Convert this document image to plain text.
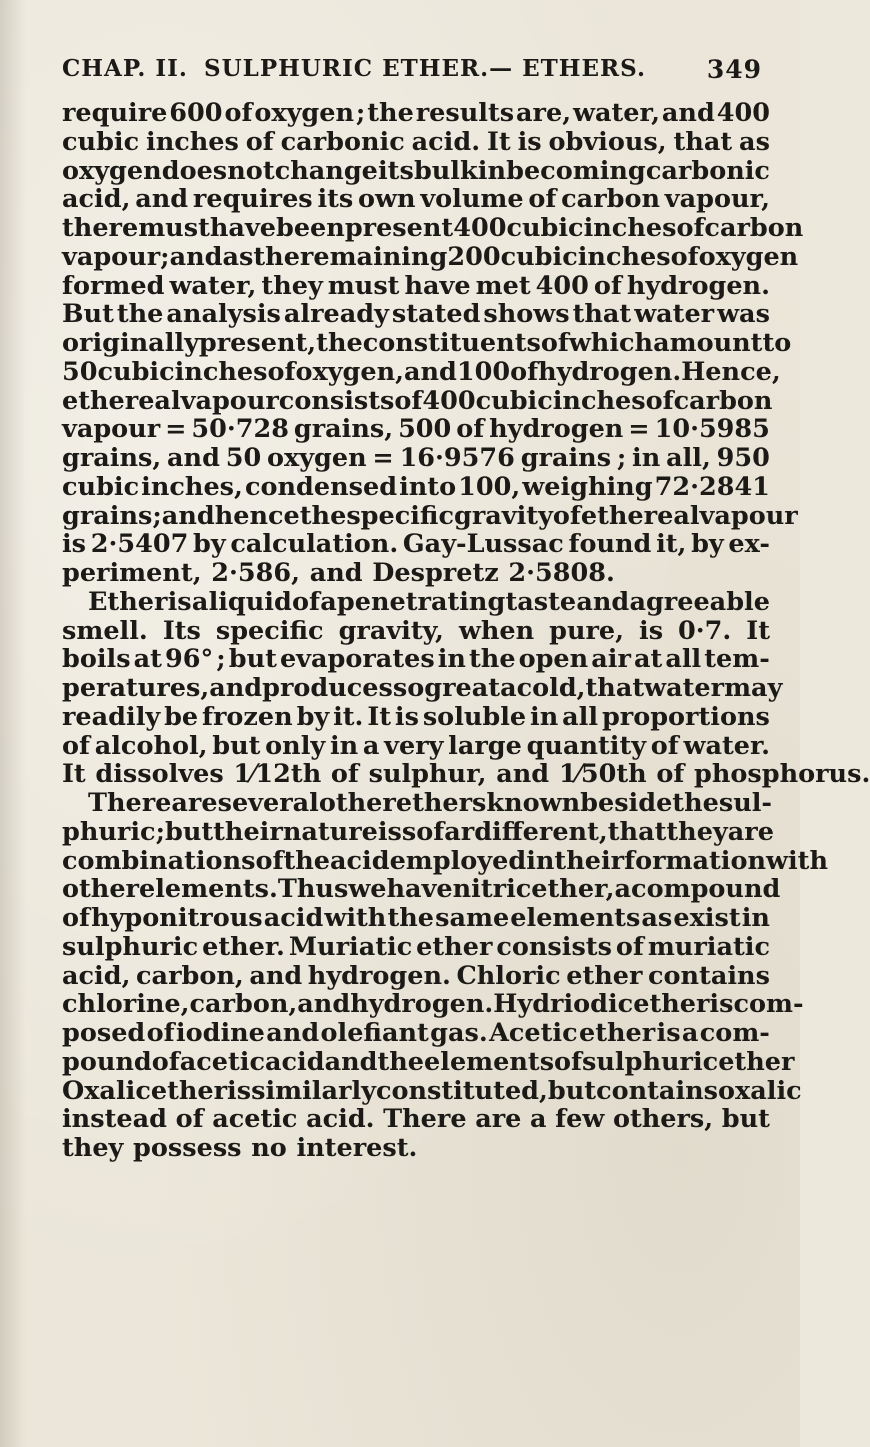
CHAP. II. SULPHURIC ETHER.— ETHERS. 349
require 600 of oxygen ; the results are, water, and 400
cubic inches of carbonic acid. It is obvious, that as
oxygen does not change its bulk in becoming carbonic
acid, and requires its own volume of carbon vapour,
there must have been present 400 cubic inches of carbon
vapour ; and as the remaining 200 cubic inches of oxygen
formed water, they must have met 400 of hydrogen.
But the analysis already stated shows that water was
originally present, the constituents of which amount to
50 cubic inches of oxygen, and 100 of hydrogen. Hence,
ethereal vapour consists of 400 cubic inches of carbon
vapour = 50·728 grains, 500 of hydrogen = 10·5985
grains, and 50 oxygen = 16·9576 grains ; in all, 950
cubic inches, condensed into 100, weighing 72·2841
grains ; and hence the specific gravity of ethereal vapour
is 2·5407 by calculation. Gay-Lussac found it, by ex-
periment, 2·586, and Despretz 2·5808.
Ether is a liquid of a penetrating taste and agreeable
smell. Its specific gravity, when pure, is 0·7. It
boils at 96° ; but evaporates in the open air at all tem-
peratures, and produces so great a cold, that water may
readily be frozen by it. It is soluble in all proportions
of alcohol, but only in a very large quantity of water.
It dissolves 1⁄12th of sulphur, and 1⁄50th of phosphorus.
There are several other ethers known beside the sul-
phuric ; but their nature is so far different, that they are
combinations of the acid employed in their formation with
other elements. Thus we have nitric ether, a compound
of hyponitrous acid with the same elements as exist in
sulphuric ether. Muriatic ether consists of muriatic
acid, carbon, and hydrogen. Chloric ether contains
chlorine, carbon, and hydrogen. Hydriodic ether is com-
posed of iodine and olefiant gas. Acetic ether is a com-
pound of acetic acid and the elements of sulphuric ether
Oxalic ether is similarly constituted, but contains oxalic
instead of acetic acid. There are a few others, but
they possess no interest.
